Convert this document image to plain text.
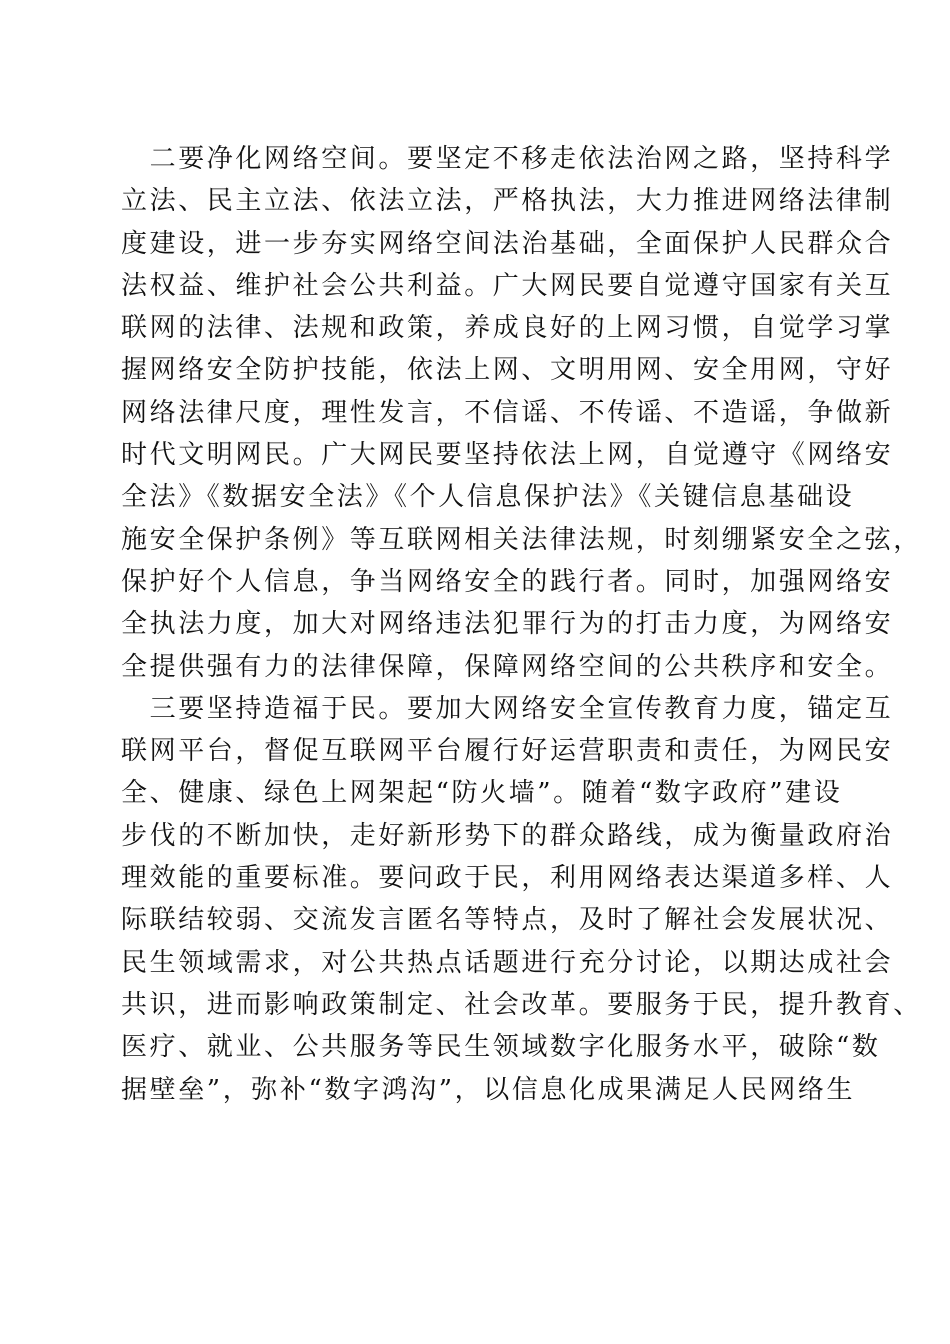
　二要净化网络空间。要坚定不移走依法治网之路，坚持科学
立法、民主立法、依法立法，严格执法，大力推进网络法律制
度建设，进一步夯实网络空间法治基础，全面保护人民群众合
法权益、维护社会公共利益。广大网民要自觉遵守国家有关互
联网的法律、法规和政策，养成良好的上网习惯，自觉学习掌
握网络安全防护技能，依法上网、文明用网、安全用网，守好
网络法律尺度，理性发言，不信谣、不传谣、不造谣，争做新
时代文明网民。广大网民要坚持依法上网，自觉遵守《网络安
全法》《数据安全法》《个人信息保护法》《关键信息基础设
施安全保护条例》等互联网相关法律法规，时刻绷紧安全之弦，
保护好个人信息，争当网络安全的践行者。同时，加强网络安
全执法力度，加大对网络违法犯罪行为的打击力度，为网络安
全提供强有力的法律保障，保障网络空间的公共秩序和安全。
　三要坚持造福于民。要加大网络安全宣传教育力度，锚定互
联网平台，督促互联网平台履行好运营职责和责任，为网民安
全、健康、绿色上网架起“防火墙”。随着“数字政府”建设
步伐的不断加快，走好新形势下的群众路线，成为衡量政府治
理效能的重要标准。要问政于民，利用网络表达渠道多样、人
际联结较弱、交流发言匿名等特点，及时了解社会发展状况、
民生领域需求，对公共热点话题进行充分讨论，以期达成社会
共识，进而影响政策制定、社会改革。要服务于民，提升教育、
医疗、就业、公共服务等民生领域数字化服务水平，破除“数
据壁垒”，弥补“数字鸿沟”，以信息化成果满足人民网络生
